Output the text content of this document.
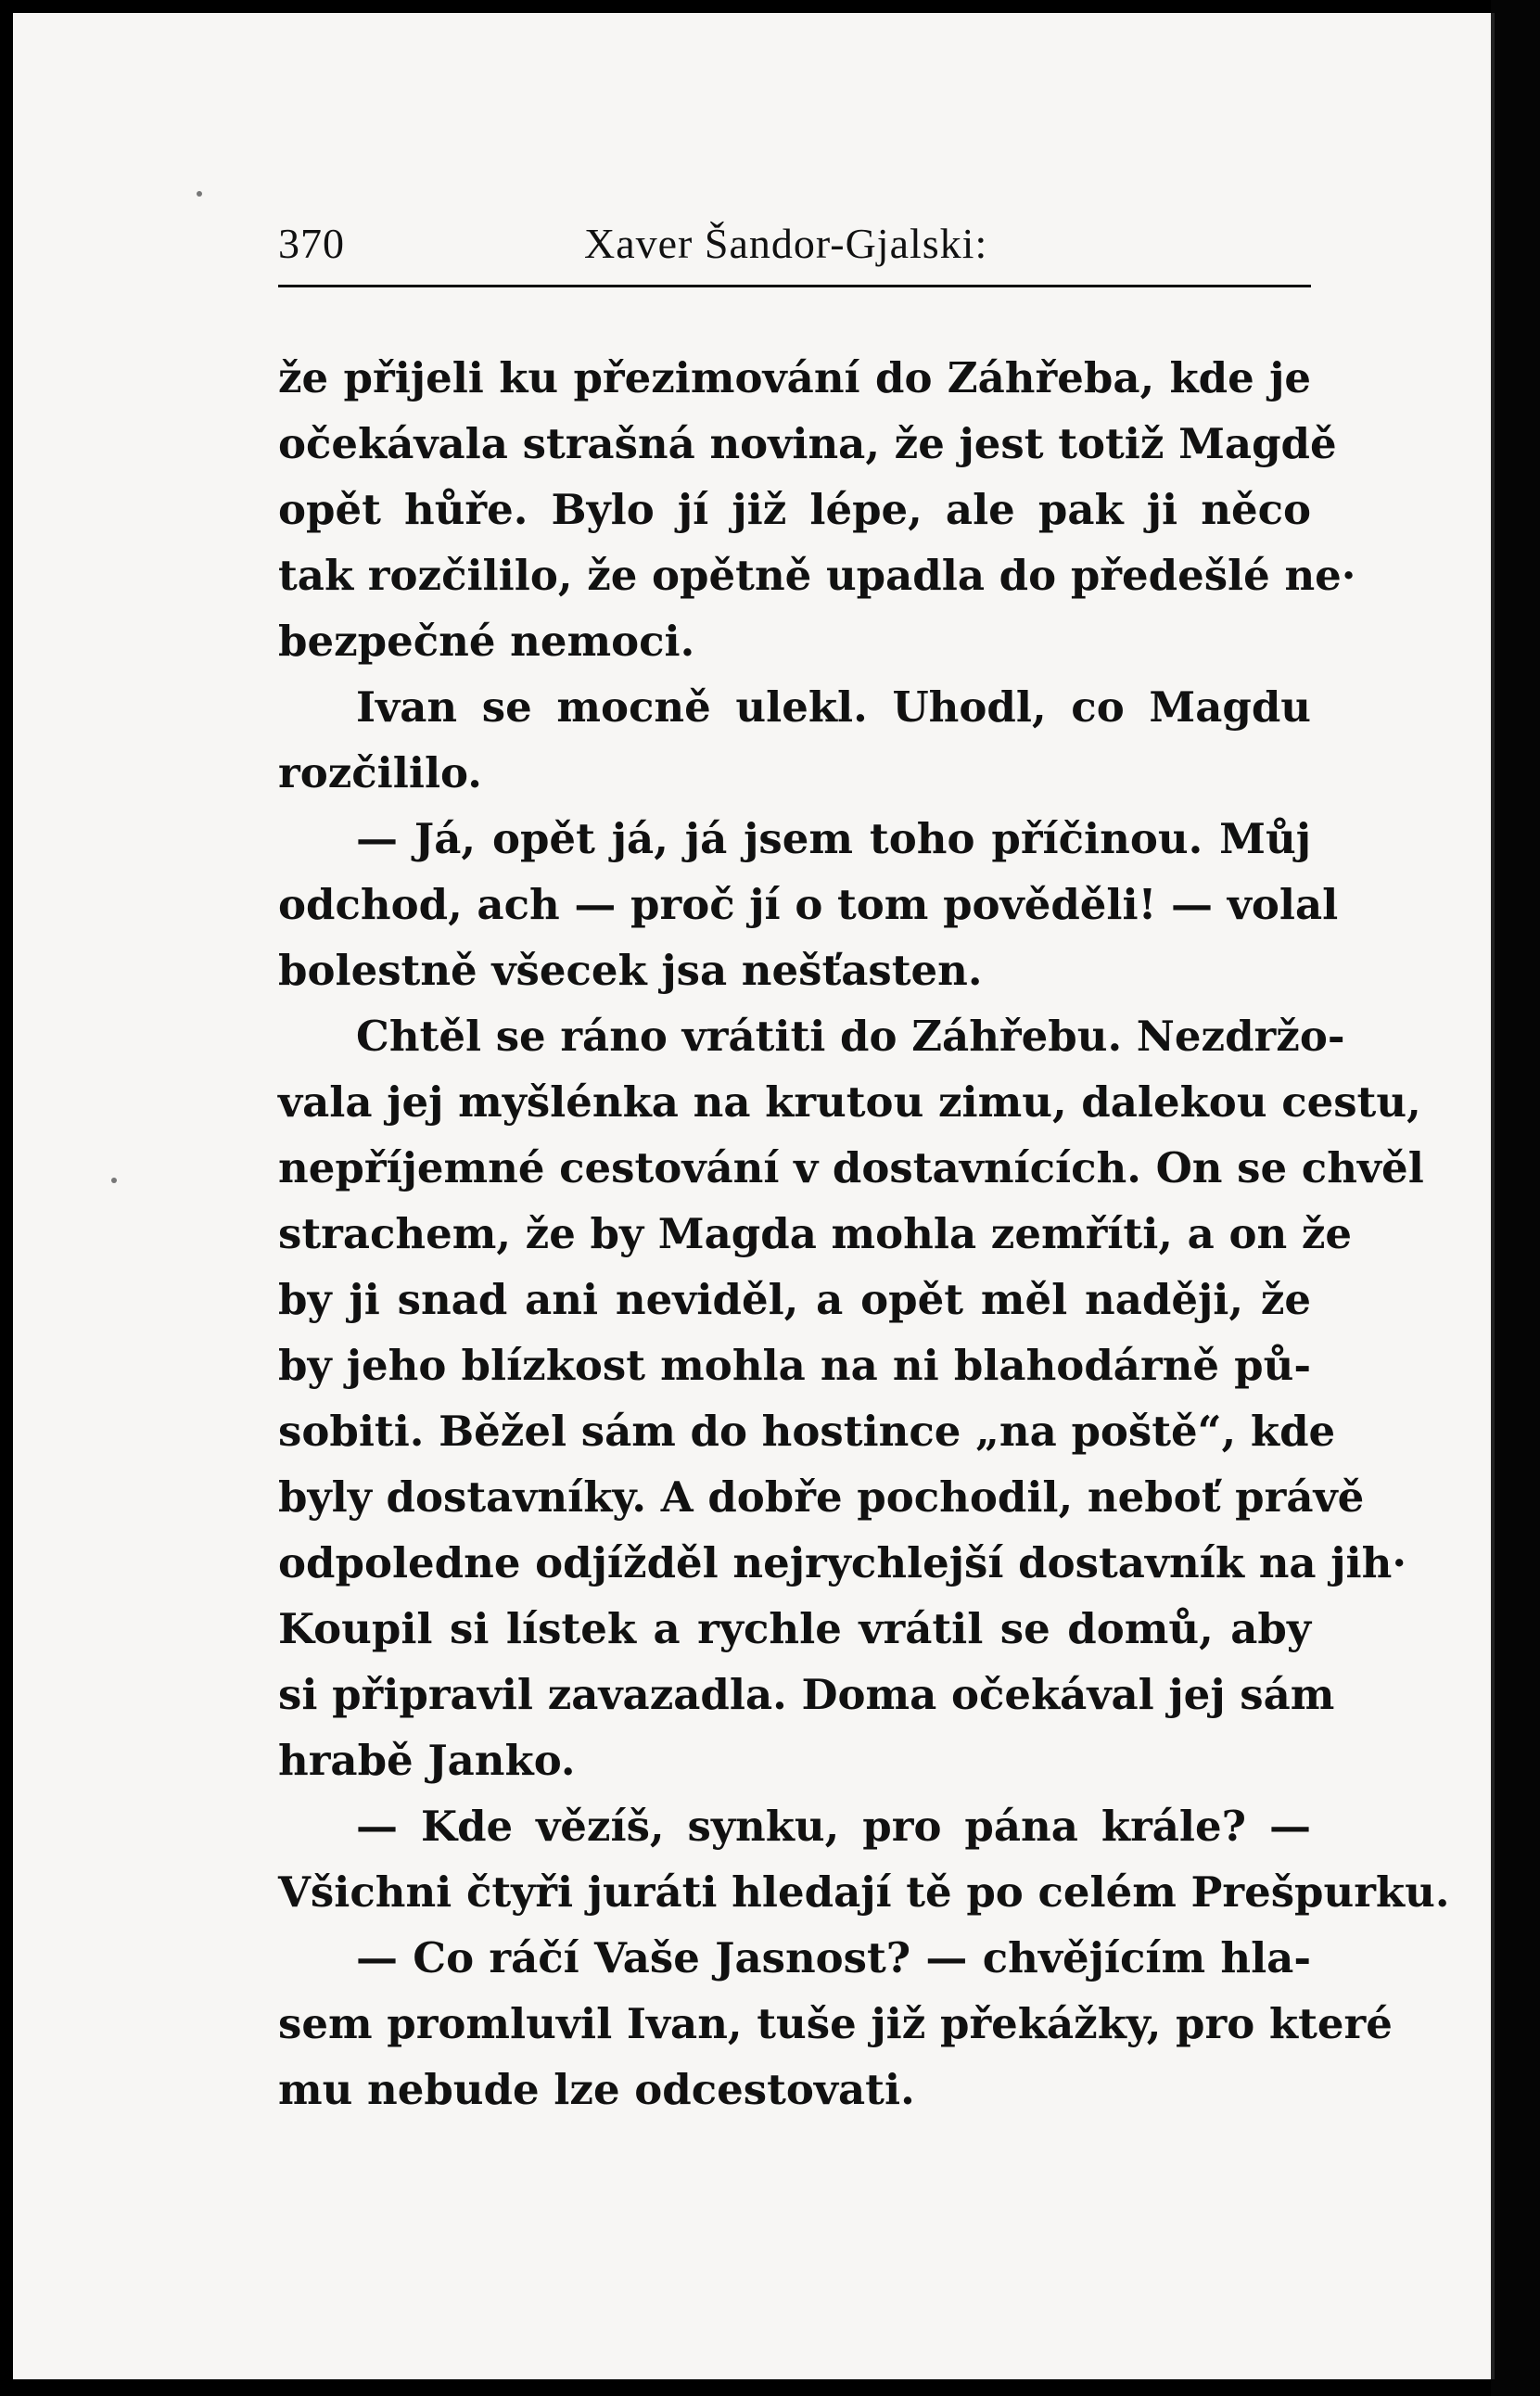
370	Xaver Šandor-Gjalski:
že přijeli ku přezimování do Záhřeba, kde je
očekávala strašná novina, že jest totiž Magdě
opět hůře. Bylo jí již lépe, ale pak ji něco
tak rozčililo, že opětně upadla do předešlé ne·
bezpečné nemoci.
Ivan se mocně ulekl. Uhodl, co Magdu
rozčililo.
— Já, opět já, já jsem toho příčinou. Můj
odchod, ach — proč jí o tom pověděli! — volal
bolestně všecek jsa nešťasten.
Chtěl se ráno vrátiti do Záhřebu. Nezdržo-
vala jej myšlénka na krutou zimu, dalekou cestu,
nepříjemné cestování v dostavnících. On se chvěl
strachem, že by Magda mohla zemříti, a on že
by ji snad ani neviděl, a opět měl naději, že
by jeho blízkost mohla na ni blahodárně pů-
sobiti. Běžel sám do hostince „na poště“, kde
byly dostavníky. A dobře pochodil, neboť právě
odpoledne odjížděl nejrychlejší dostavník na jih·
Koupil si lístek a rychle vrátil se domů, aby
si připravil zavazadla. Doma očekával jej sám
hrabě Janko.
— Kde vězíš, synku, pro pána krále? —
Všichni čtyři juráti hledají tě po celém Prešpurku.
— Co ráčí Vaše Jasnost? — chvějícím hla-
sem promluvil Ivan, tuše již překážky, pro které
mu nebude lze odcestovati.
